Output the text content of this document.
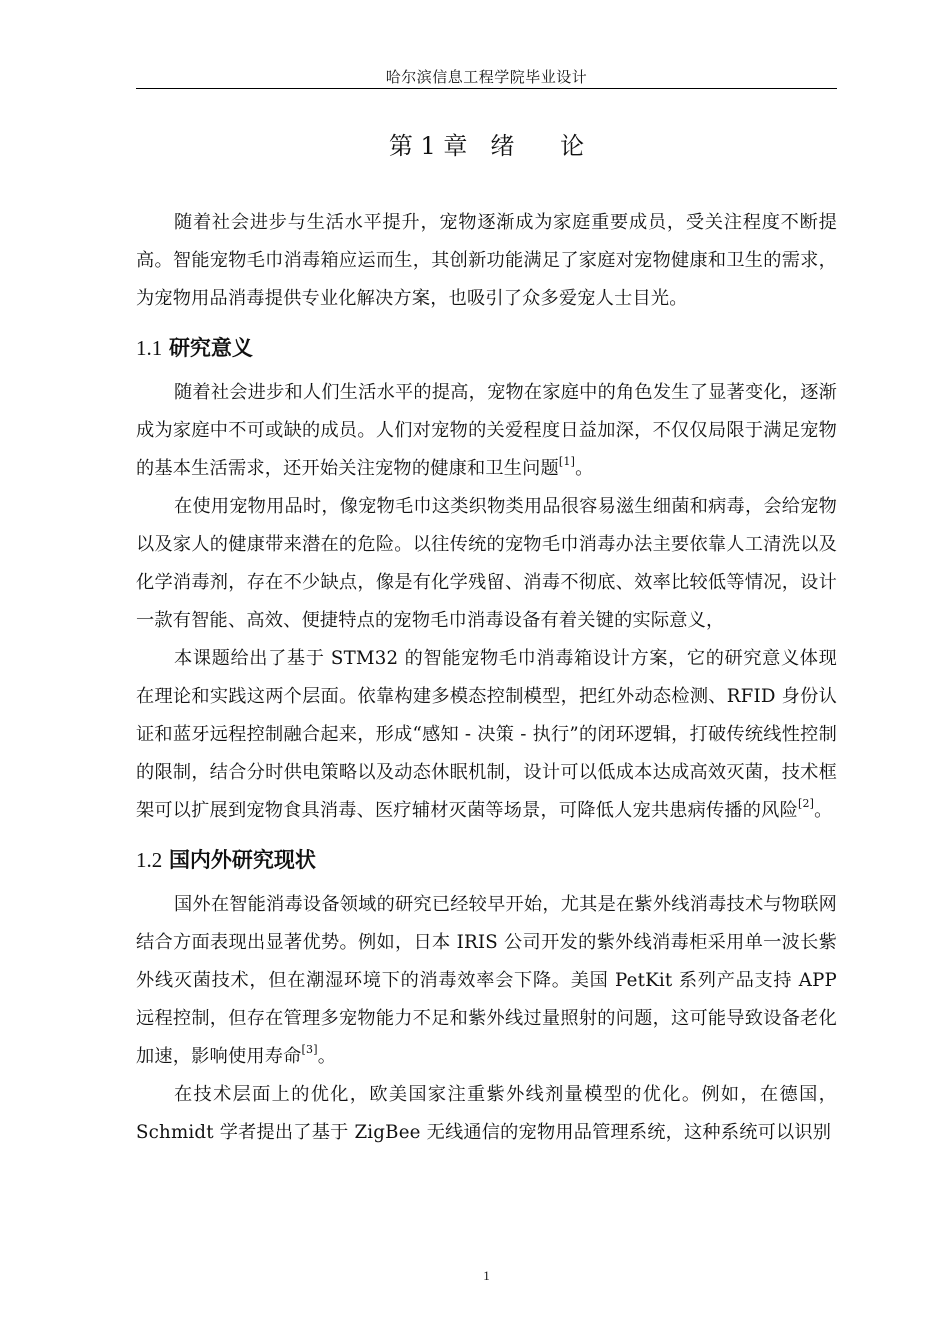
哈尔滨信息工程学院毕业设计
第 1 章   绪      论

随着社会进步与生活水平提升，宠物逐渐成为家庭重要成员，受关注程度不断提高。智能宠物毛巾消毒箱应运而生，其创新功能满足了家庭对宠物健康和卫生的需求，为宠物用品消毒提供专业化解决方案，也吸引了众多爱宠人士目光。

1.1 研究意义

随着社会进步和人们生活水平的提高，宠物在家庭中的角色发生了显著变化，逐渐成为家庭中不可或缺的成员。人们对宠物的关爱程度日益加深，不仅仅局限于满足宠物的基本生活需求，还开始关注宠物的健康和卫生问题[1]。

在使用宠物用品时，像宠物毛巾这类织物类用品很容易滋生细菌和病毒，会给宠物以及家人的健康带来潜在的危险。以往传统的宠物毛巾消毒办法主要依靠人工清洗以及化学消毒剂，存在不少缺点，像是有化学残留、消毒不彻底、效率比较低等情况，设计一款有智能、高效、便捷特点的宠物毛巾消毒设备有着关键的实际意义，

本课题给出了基于 STM32 的智能宠物毛巾消毒箱设计方案，它的研究意义体现在理论和实践这两个层面。依靠构建多模态控制模型，把红外动态检测、RFID 身份认证和蓝牙远程控制融合起来，形成“感知 - 决策 - 执行”的闭环逻辑，打破传统线性控制的限制，结合分时供电策略以及动态休眠机制，设计可以低成本达成高效灭菌，技术框架可以扩展到宠物食具消毒、医疗辅材灭菌等场景，可降低人宠共患病传播的风险[2]。

1.2 国内外研究现状

国外在智能消毒设备领域的研究已经较早开始，尤其是在紫外线消毒技术与物联网结合方面表现出显著优势。例如，日本 IRIS 公司开发的紫外线消毒柜采用单一波长紫外线灭菌技术，但在潮湿环境下的消毒效率会下降。美国 PetKit 系列产品支持 APP 远程控制，但存在管理多宠物能力不足和紫外线过量照射的问题，这可能导致设备老化加速，影响使用寿命[3]。

在技术层面上的优化，欧美国家注重紫外线剂量模型的优化。例如，在德国，Schmidt 学者提出了基于 ZigBee 无线通信的宠物用品管理系统，这种系统可以识别

1
